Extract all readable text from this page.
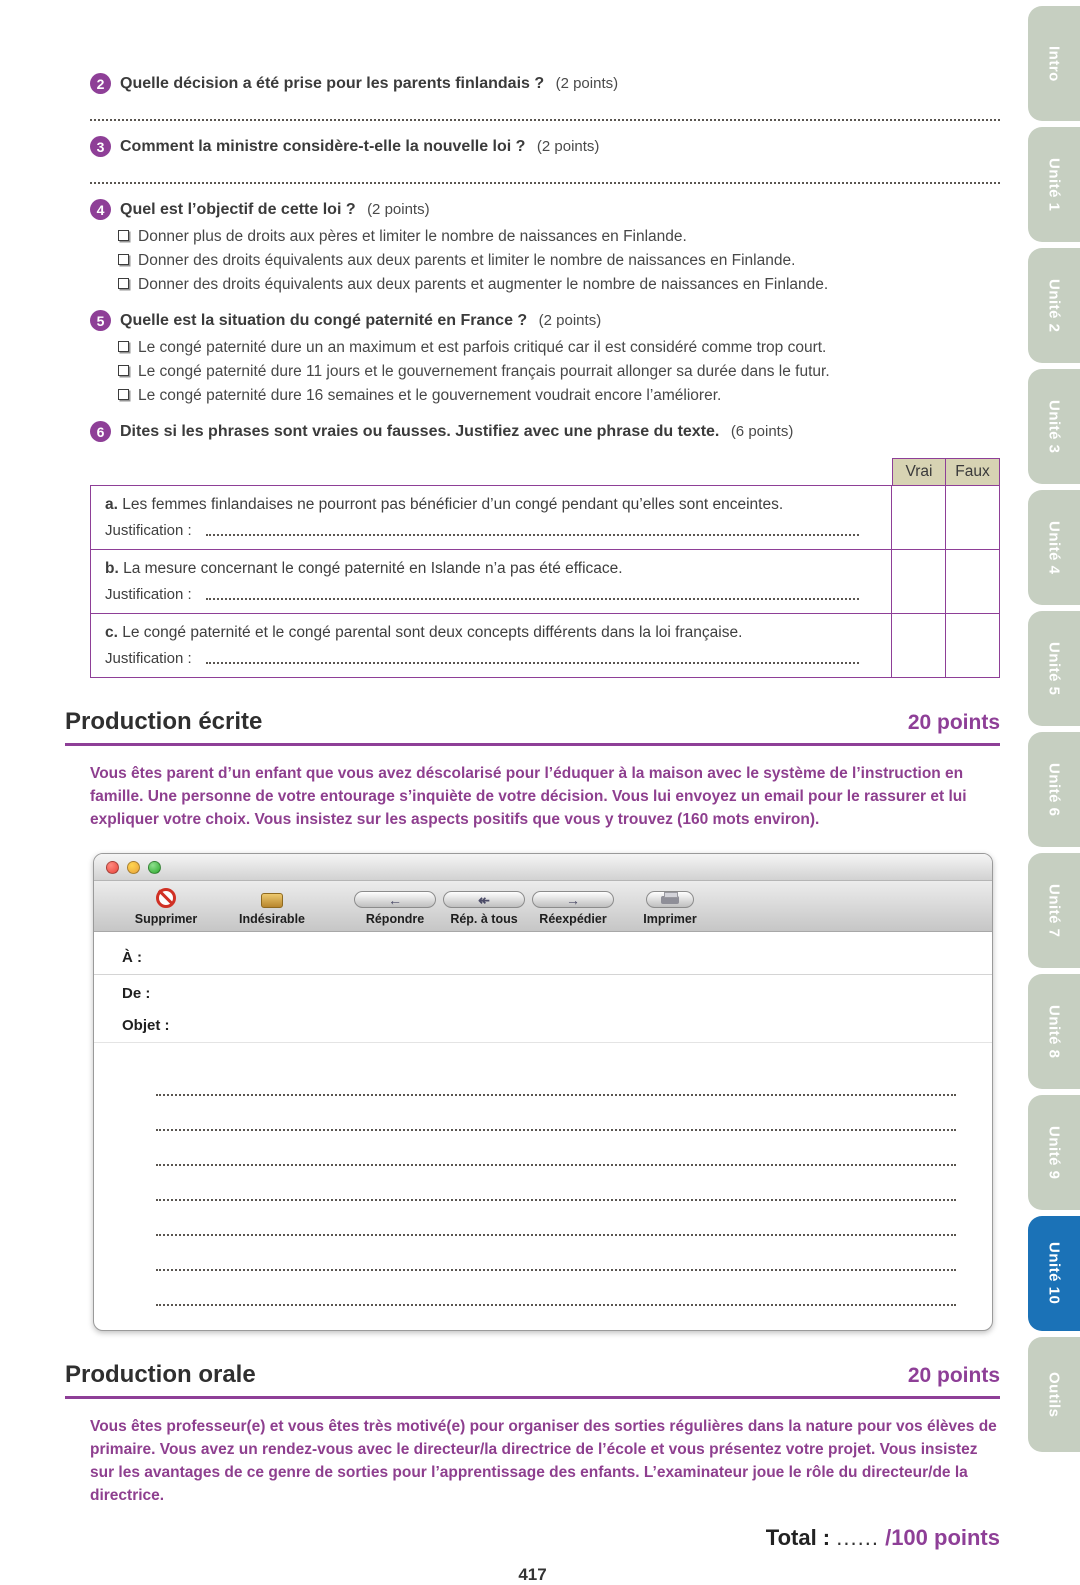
2 Quelle décision a été prise pour les parents finlandais ? (2 points)
3 Comment la ministre considère-t-elle la nouvelle loi ? (2 points)
4 Quel est l’objectif de cette loi ? (2 points)
Donner plus de droits aux pères et limiter le nombre de naissances en Finlande.
Donner des droits équivalents aux deux parents et limiter le nombre de naissances en Finlande.
Donner des droits équivalents aux deux parents et augmenter le nombre de naissances en Finlande.
5 Quelle est la situation du congé paternité en France ? (2 points)
Le congé paternité dure un an maximum et est parfois critiqué car il est considéré comme trop court.
Le congé paternité dure 11 jours et le gouvernement français pourrait allonger sa durée dans le futur.
Le congé paternité dure 16 semaines et le gouvernement voudrait encore l’améliorer.
6 Dites si les phrases sont vraies ou fausses. Justifiez avec une phrase du texte. (6 points)
Vrai	Faux
a. Les femmes finlandaises ne pourront pas bénéficier d’un congé pendant qu’elles sont enceintes.
Justification :
b. La mesure concernant le congé paternité en Islande n’a pas été efficace.
Justification :
c. Le congé paternité et le congé parental sont deux concepts différents dans la loi française.
Justification :
Production écrite	20 points
Vous êtes parent d’un enfant que vous avez déscolarisé pour l’éduquer à la maison avec le système de l’instruction en famille. Une personne de votre entourage s’inquiète de votre décision. Vous lui envoyez un email pour le rassurer et lui expliquer votre choix. Vous insistez sur les aspects positifs que vous y trouvez (160 mots environ).
Supprimer	Indésirable
←
Répondre
↞
Rép. à tous
→
Réexpédier	Imprimer
À :
De :
Objet :
Production orale	20 points
Vous êtes professeur(e) et vous êtes très motivé(e) pour organiser des sorties régulières dans la nature pour vos élèves de primaire. Vous avez un rendez-vous avec le directeur/la directrice de l’école et vous présentez votre projet. Vous insistez sur les avantages de ce genre de sorties pour l’apprentissage des enfants. L’examinateur joue le rôle du directeur/de la directrice.
Total : ...... /100 points
417
Intro
Unité 1
Unité 2
Unité 3
Unité 4
Unité 5
Unité 6
Unité 7
Unité 8
Unité 9
Unité 10
Outils
